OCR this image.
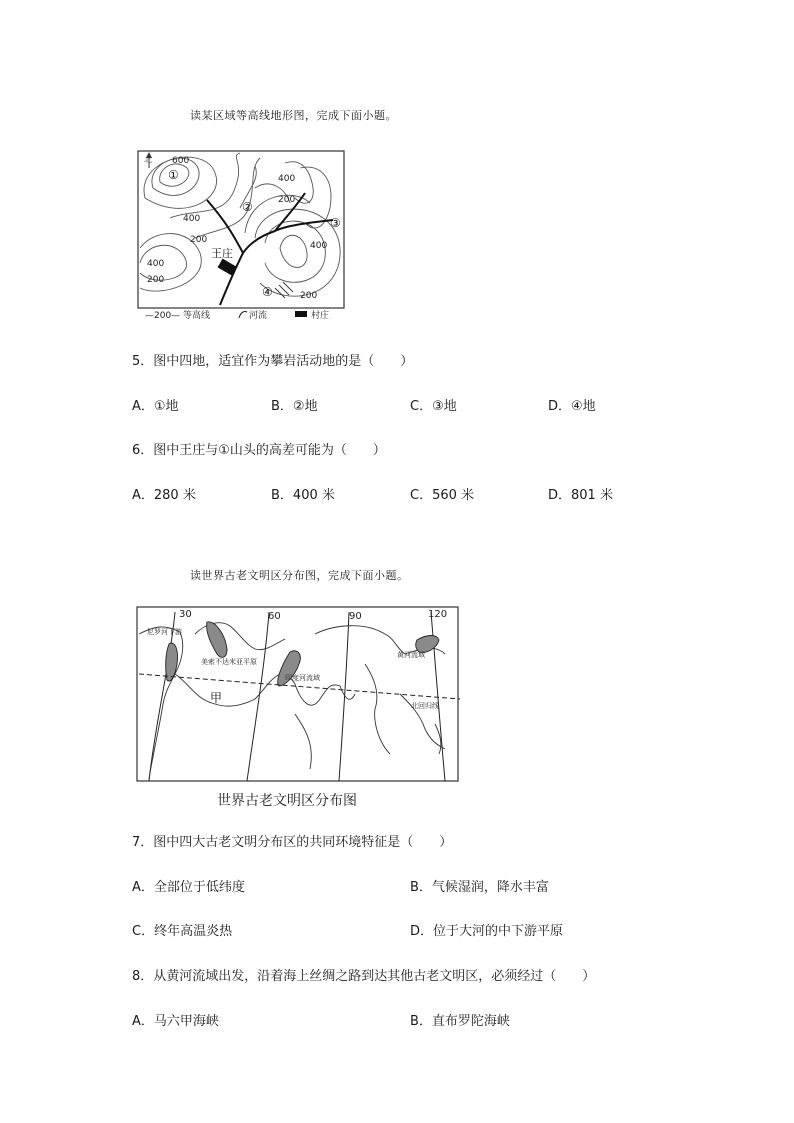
读某区域等高线地形图，完成下面小题。
北 600
400
200
400
200
400
200
400
200
①
②
③
④
王庄
—200— 等高线	河流	村庄
5．图中四地，适宜作为攀岩活动地的是（　　）
A．①地	B．②地	C．③地	D．④地
6．图中王庄与①山头的高差可能为（　　）
A．280 米	B．400 米	C．560 米	D．801 米
读世界古老文明区分布图，完成下面小题。
30	60	90	120
尼罗河下游
美索不达米亚平原
印度河流域
黄河流域
北回归线
甲
世界古老文明区分布图
7．图中四大古老文明分布区的共同环境特征是（　　）
A．全部位于低纬度	B．气候湿润，降水丰富
C．终年高温炎热	D．位于大河的中下游平原
8．从黄河流域出发，沿着海上丝绸之路到达其他古老文明区，必须经过（　　）
A．马六甲海峡	B．直布罗陀海峡
